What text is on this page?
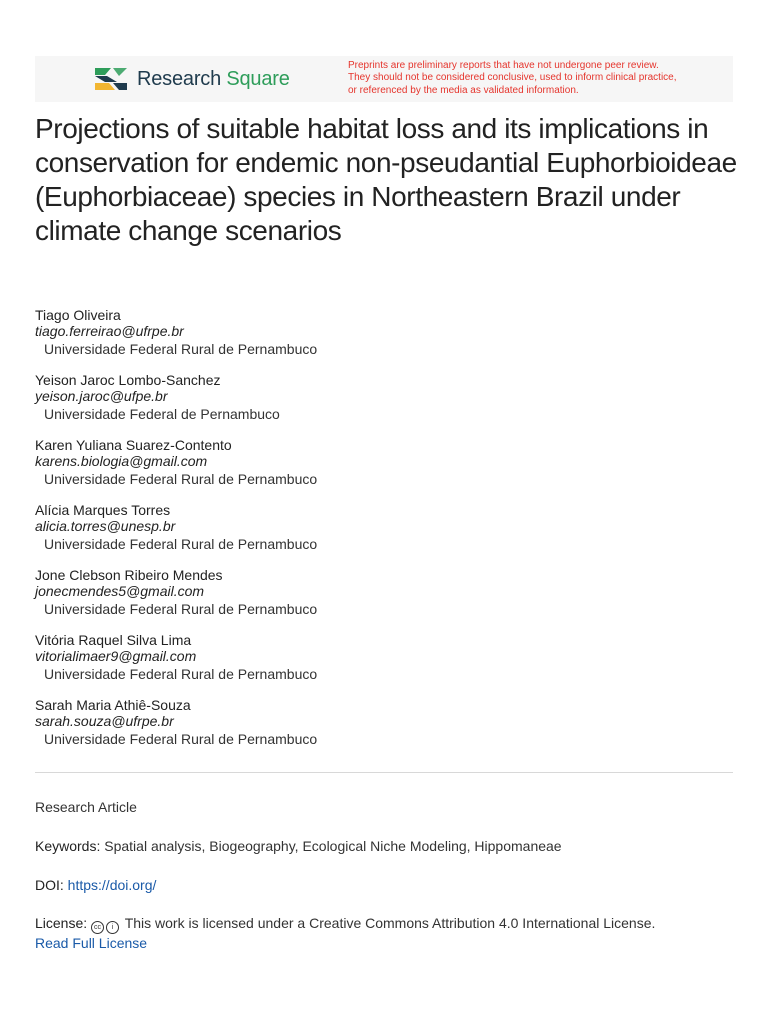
Research Square
Preprints are preliminary reports that have not undergone peer review.
They should not be considered conclusive, used to inform clinical practice,
or referenced by the media as validated information.
Projections of suitable habitat loss and its implications in conservation for endemic non-pseudantial Euphorbioideae (Euphorbiaceae) species in Northeastern Brazil under climate change scenarios
Tiago Oliveira
tiago.ferreirao@ufrpe.br
Universidade Federal Rural de Pernambuco
Yeison Jaroc Lombo-Sanchez
yeison.jaroc@ufpe.br
Universidade Federal de Pernambuco
Karen Yuliana Suarez-Contento
karens.biologia@gmail.com
Universidade Federal Rural de Pernambuco
Alícia Marques Torres
alicia.torres@unesp.br
Universidade Federal Rural de Pernambuco
Jone Clebson Ribeiro Mendes
jonecmendes5@gmail.com
Universidade Federal Rural de Pernambuco
Vitória Raquel Silva Lima
vitorialimaer9@gmail.com
Universidade Federal Rural de Pernambuco
Sarah Maria Athiê-Souza
sarah.souza@ufrpe.br
Universidade Federal Rural de Pernambuco
Research Article
Keywords: Spatial analysis, Biogeography, Ecological Niche Modeling, Hippomaneae
DOI: https://doi.org/
License: cc i This work is licensed under a Creative Commons Attribution 4.0 International License.
Read Full License
